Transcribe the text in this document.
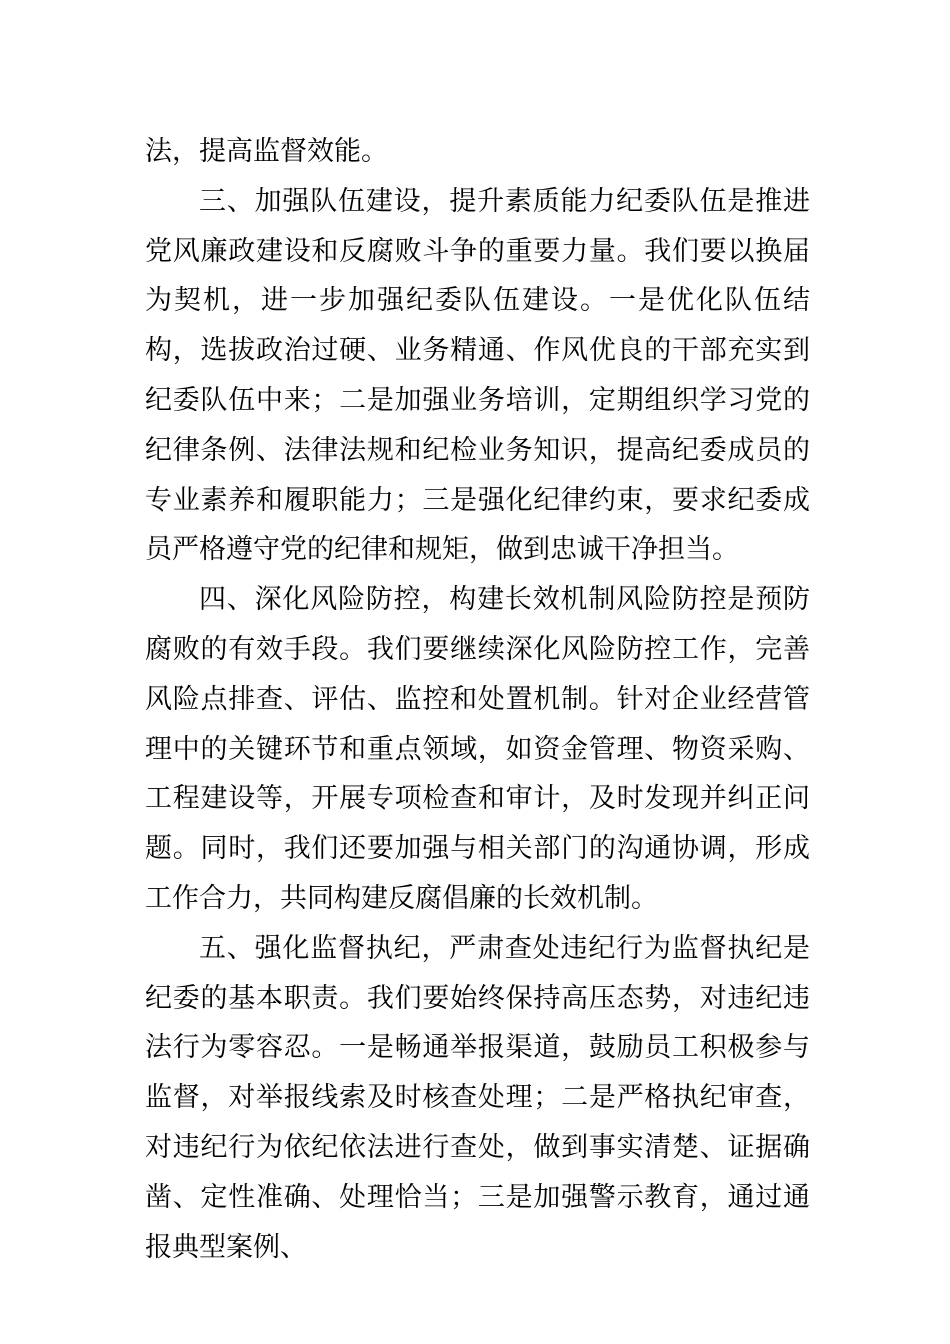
法，提高监督效能。

三、加强队伍建设，提升素质能力纪委队伍是推进党风廉政建设和反腐败斗争的重要力量。我们要以换届为契机，进一步加强纪委队伍建设。一是优化队伍结构，选拔政治过硬、业务精通、作风优良的干部充实到纪委队伍中来；二是加强业务培训，定期组织学习党的纪律条例、法律法规和纪检业务知识，提高纪委成员的专业素养和履职能力；三是强化纪律约束，要求纪委成员严格遵守党的纪律和规矩，做到忠诚干净担当。

四、深化风险防控，构建长效机制风险防控是预防腐败的有效手段。我们要继续深化风险防控工作，完善风险点排查、评估、监控和处置机制。针对企业经营管理中的关键环节和重点领域，如资金管理、物资采购、工程建设等，开展专项检查和审计，及时发现并纠正问题。同时，我们还要加强与相关部门的沟通协调，形成工作合力，共同构建反腐倡廉的长效机制。

五、强化监督执纪，严肃查处违纪行为监督执纪是纪委的基本职责。我们要始终保持高压态势，对违纪违法行为零容忍。一是畅通举报渠道，鼓励员工积极参与监督，对举报线索及时核查处理；二是严格执纪审查，对违纪行为依纪依法进行查处，做到事实清楚、证据确凿、定性准确、处理恰当；三是加强警示教育，通过通报典型案例、
